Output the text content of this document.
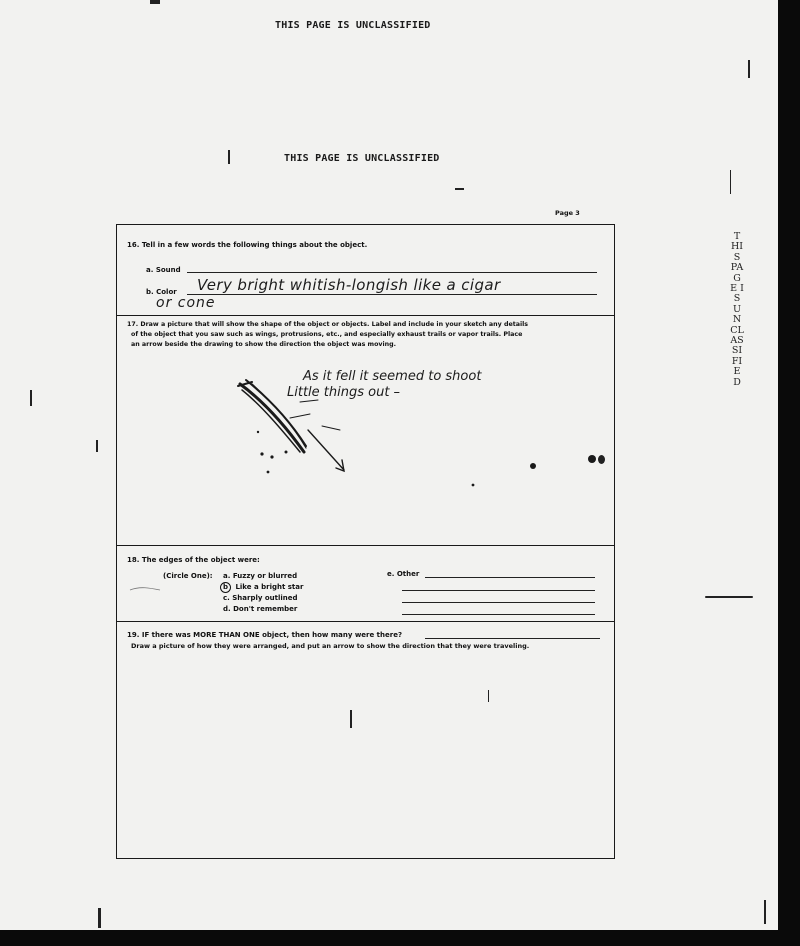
THIS PAGE IS UNCLASSIFIED
THIS PAGE IS UNCLASSIFIED
THIS PAGE IS UNCLASSIFIED
Page 3
16. Tell in a few words the following things about the object.
a. Sound
b. Color Very bright whitish-longish like a cigar
or cone
17. Draw a picture that will show the shape of the object or objects. Label and include in your sketch any details
of the object that you saw such as wings, protrusions, etc., and especially exhaust trails or vapor trails. Place
an arrow beside the drawing to show the direction the object was moving.
As it fell it seemed to shoot
Little things out –
18. The edges of the object were:
(Circle One): a. Fuzzy or blurred
b Like a bright star
c. Sharply outlined
d. Don't remember
e. Other
19. IF there was MORE THAN ONE object, then how many were there?
Draw a picture of how they were arranged, and put an arrow to show the direction that they were traveling.
